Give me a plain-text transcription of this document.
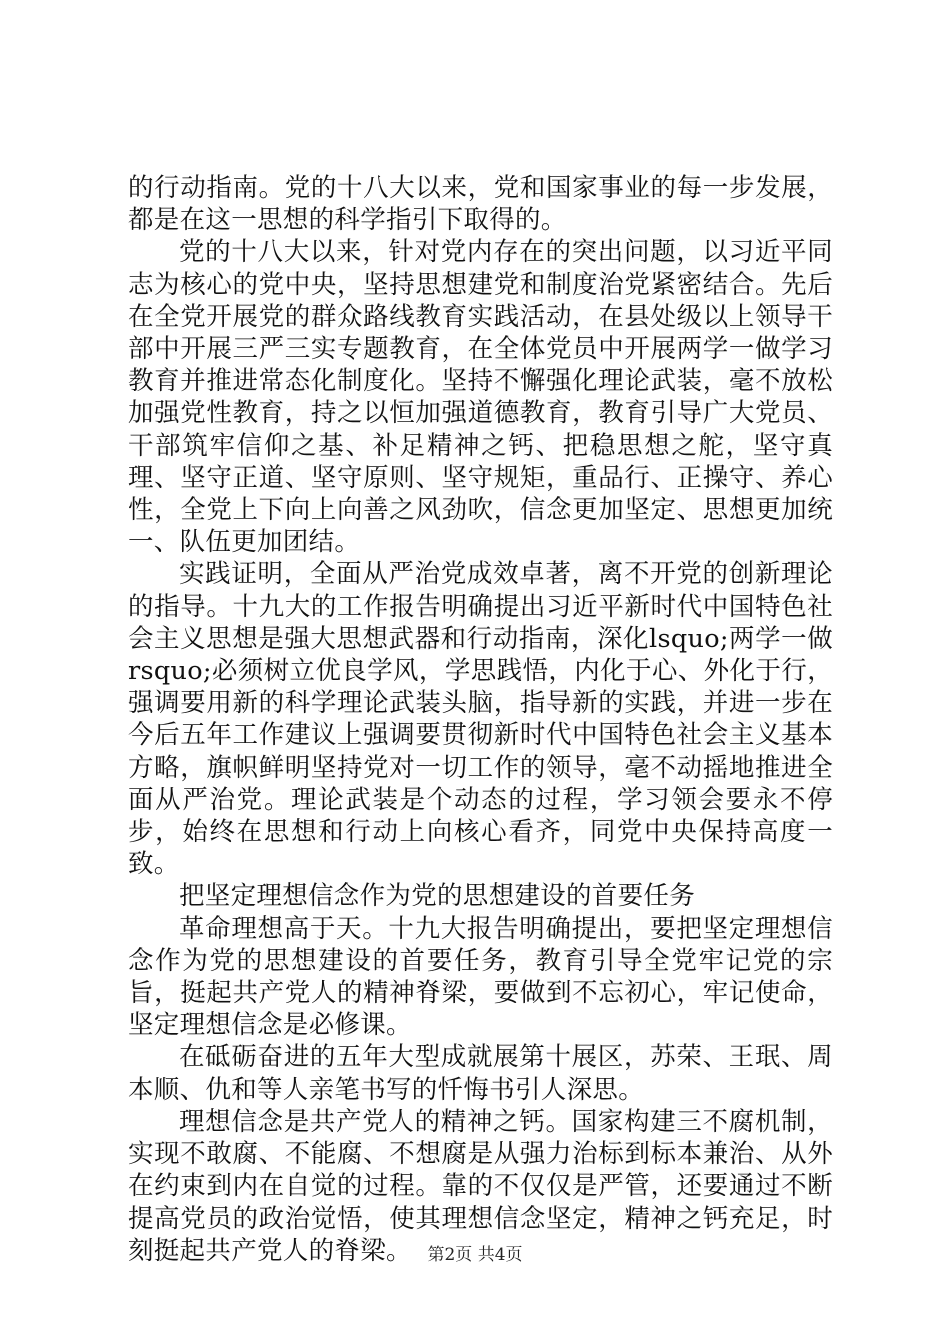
的行动指南。党的十八大以来，党和国家事业的每一步发展，都是在这一思想的科学指引下取得的。

党的十八大以来，针对党内存在的突出问题，以习近平同志为核心的党中央，坚持思想建党和制度治党紧密结合。先后在全党开展党的群众路线教育实践活动，在县处级以上领导干部中开展三严三实专题教育，在全体党员中开展两学一做学习教育并推进常态化制度化。坚持不懈强化理论武装，毫不放松加强党性教育，持之以恒加强道德教育，教育引导广大党员、干部筑牢信仰之基、补足精神之钙、把稳思想之舵，坚守真理、坚守正道、坚守原则、坚守规矩，重品行、正操守、养心性，全党上下向上向善之风劲吹，信念更加坚定、思想更加统一、队伍更加团结。

实践证明，全面从严治党成效卓著，离不开党的创新理论的指导。十九大的工作报告明确提出习近平新时代中国特色社会主义思想是强大思想武器和行动指南，深化lsquo;两学一做rsquo;必须树立优良学风，学思践悟，内化于心、外化于行，强调要用新的科学理论武装头脑，指导新的实践，并进一步在今后五年工作建议上强调要贯彻新时代中国特色社会主义基本方略，旗帜鲜明坚持党对一切工作的领导，毫不动摇地推进全面从严治党。理论武装是个动态的过程，学习领会要永不停步，始终在思想和行动上向核心看齐，同党中央保持高度一致。

把坚定理想信念作为党的思想建设的首要任务

革命理想高于天。十九大报告明确提出，要把坚定理想信念作为党的思想建设的首要任务，教育引导全党牢记党的宗旨，挺起共产党人的精神脊梁，要做到不忘初心，牢记使命，坚定理想信念是必修课。

在砥砺奋进的五年大型成就展第十展区，苏荣、王珉、周本顺、仇和等人亲笔书写的忏悔书引人深思。

理想信念是共产党人的精神之钙。国家构建三不腐机制，实现不敢腐、不能腐、不想腐是从强力治标到标本兼治、从外在约束到内在自觉的过程。靠的不仅仅是严管，还要通过不断提高党员的政治觉悟，使其理想信念坚定，精神之钙充足，时刻挺起共产党人的脊梁。 第2页 共4页
